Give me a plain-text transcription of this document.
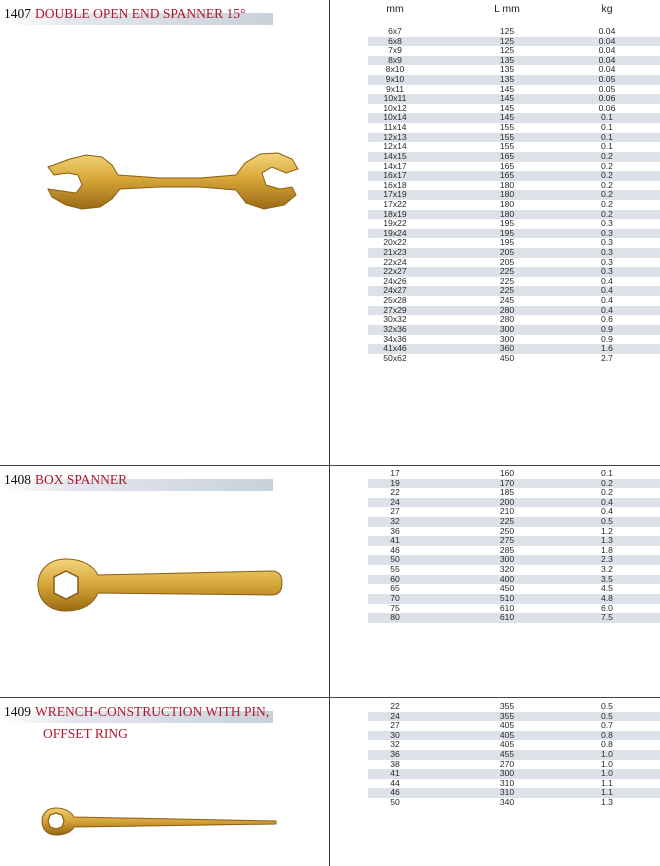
mm	L mm	kg
1407 DOUBLE OPEN END SPANNER 15°
6x7	125	0.04
6x8	125	0.04
7x9	125	0.04
8x9	135	0.04
8x10	135	0.04
9x10	135	0.05
9x11	145	0.05
10x11	145	0.06
10x12	145	0.06
10x14	145	0.1
11x14	155	0.1
12x13	155	0.1
12x14	155	0.1
14x15	165	0.2
14x17	165	0.2
16x17	165	0.2
16x18	180	0.2
17x19	180	0.2
17x22	180	0.2
18x19	180	0.2
19x22	195	0.3
19x24	195	0.3
20x22	195	0.3
21x23	205	0.3
22x24	205	0.3
22x27	225	0.3
24x26	225	0.4
24x27	225	0.4
25x28	245	0.4
27x29	280	0.4
30x32	280	0.6
32x36	300	0.9
34x36	300	0.9
41x46	360	1.6
50x62	450	2.7
1408 BOX SPANNER	17	160	0.1
19	170	0.2
22	185	0.2
24	200	0.4
27	210	0.4
32	225	0.5
36	250	1.2
41	275	1.3
46	285	1.8
50	300	2.3
55	320	3.2
60	400	3.5
65	450	4.5
70	510	4.8
75	610	6.0
80	610	7.5
1409 WRENCH-CONSTRUCTION WITH PIN,
OFFSET RING
22	355	0.5
24	355	0.5
27	405	0.7
30	405	0.8
32	405	0.8
36	455	1.0
38	270	1.0
41	300	1.0
44	310	1.1
46	310	1.1
50	340	1.3
